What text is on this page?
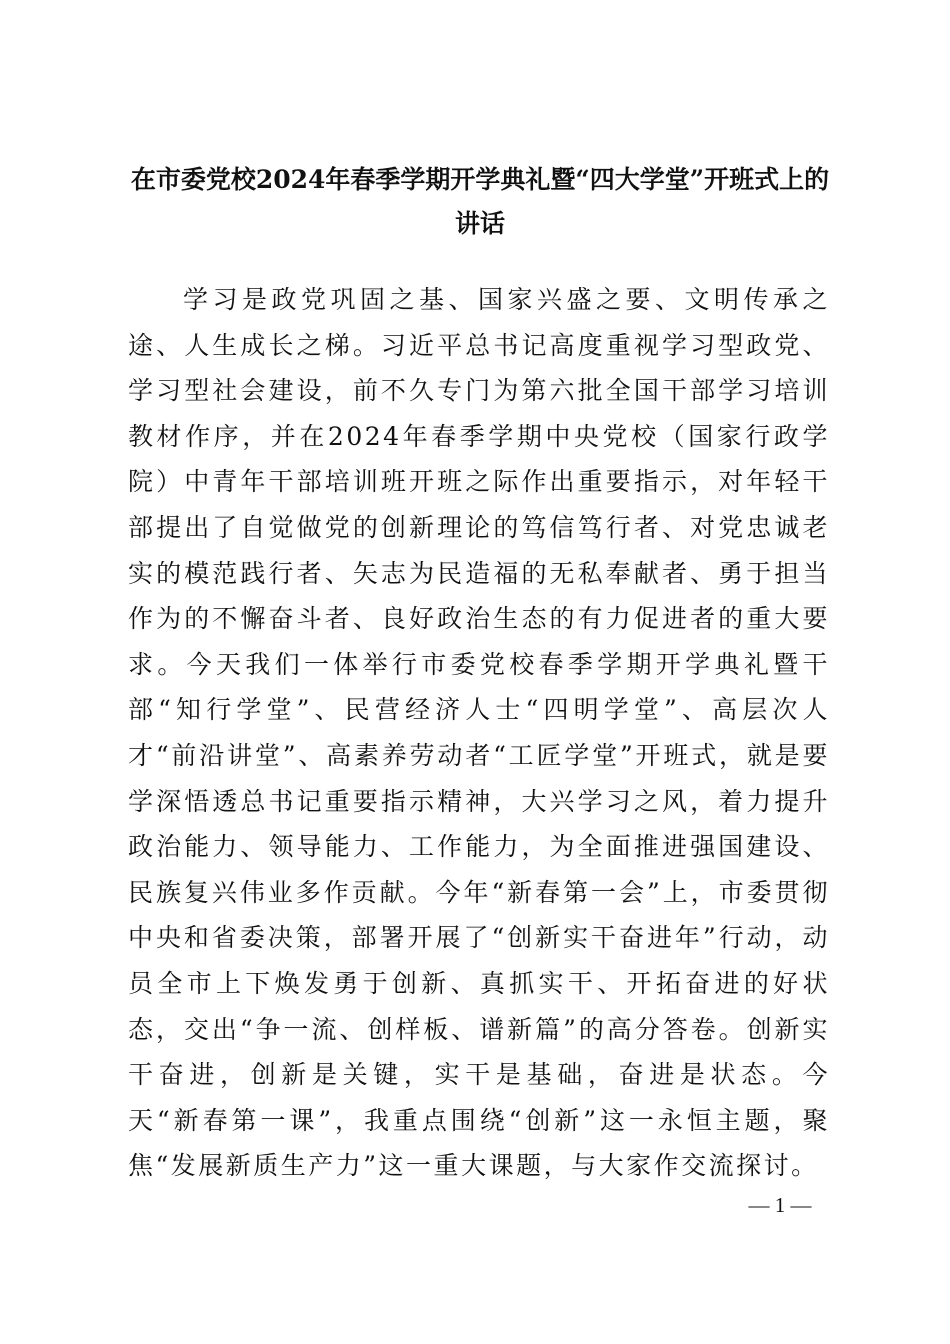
在市委党校2024年春季学期开学典礼暨“四大学堂”开班式上的讲话

学习是政党巩固之基、国家兴盛之要、文明传承之途、人生成长之梯。习近平总书记高度重视学习型政党、学习型社会建设，前不久专门为第六批全国干部学习培训教材作序，并在2024年春季学期中央党校（国家行政学院）中青年干部培训班开班之际作出重要指示，对年轻干部提出了自觉做党的创新理论的笃信笃行者、对党忠诚老实的模范践行者、矢志为民造福的无私奉献者、勇于担当作为的不懈奋斗者、良好政治生态的有力促进者的重大要求。今天我们一体举行市委党校春季学期开学典礼暨干部“知行学堂”、民营经济人士“四明学堂”、高层次人才“前沿讲堂”、高素养劳动者“工匠学堂”开班式，就是要学深悟透总书记重要指示精神，大兴学习之风，着力提升政治能力、领导能力、工作能力，为全面推进强国建设、民族复兴伟业多作贡献。今年“新春第一会”上，市委贯彻中央和省委决策，部署开展了“创新实干奋进年”行动，动员全市上下焕发勇于创新、真抓实干、开拓奋进的好状态，交出“争一流、创样板、谱新篇”的高分答卷。创新实干奋进，创新是关键，实干是基础，奋进是状态。今天“新春第一课”，我重点围绕“创新”这一永恒主题，聚焦“发展新质生产力”这一重大课题，与大家作交流探讨。

— 1 —
